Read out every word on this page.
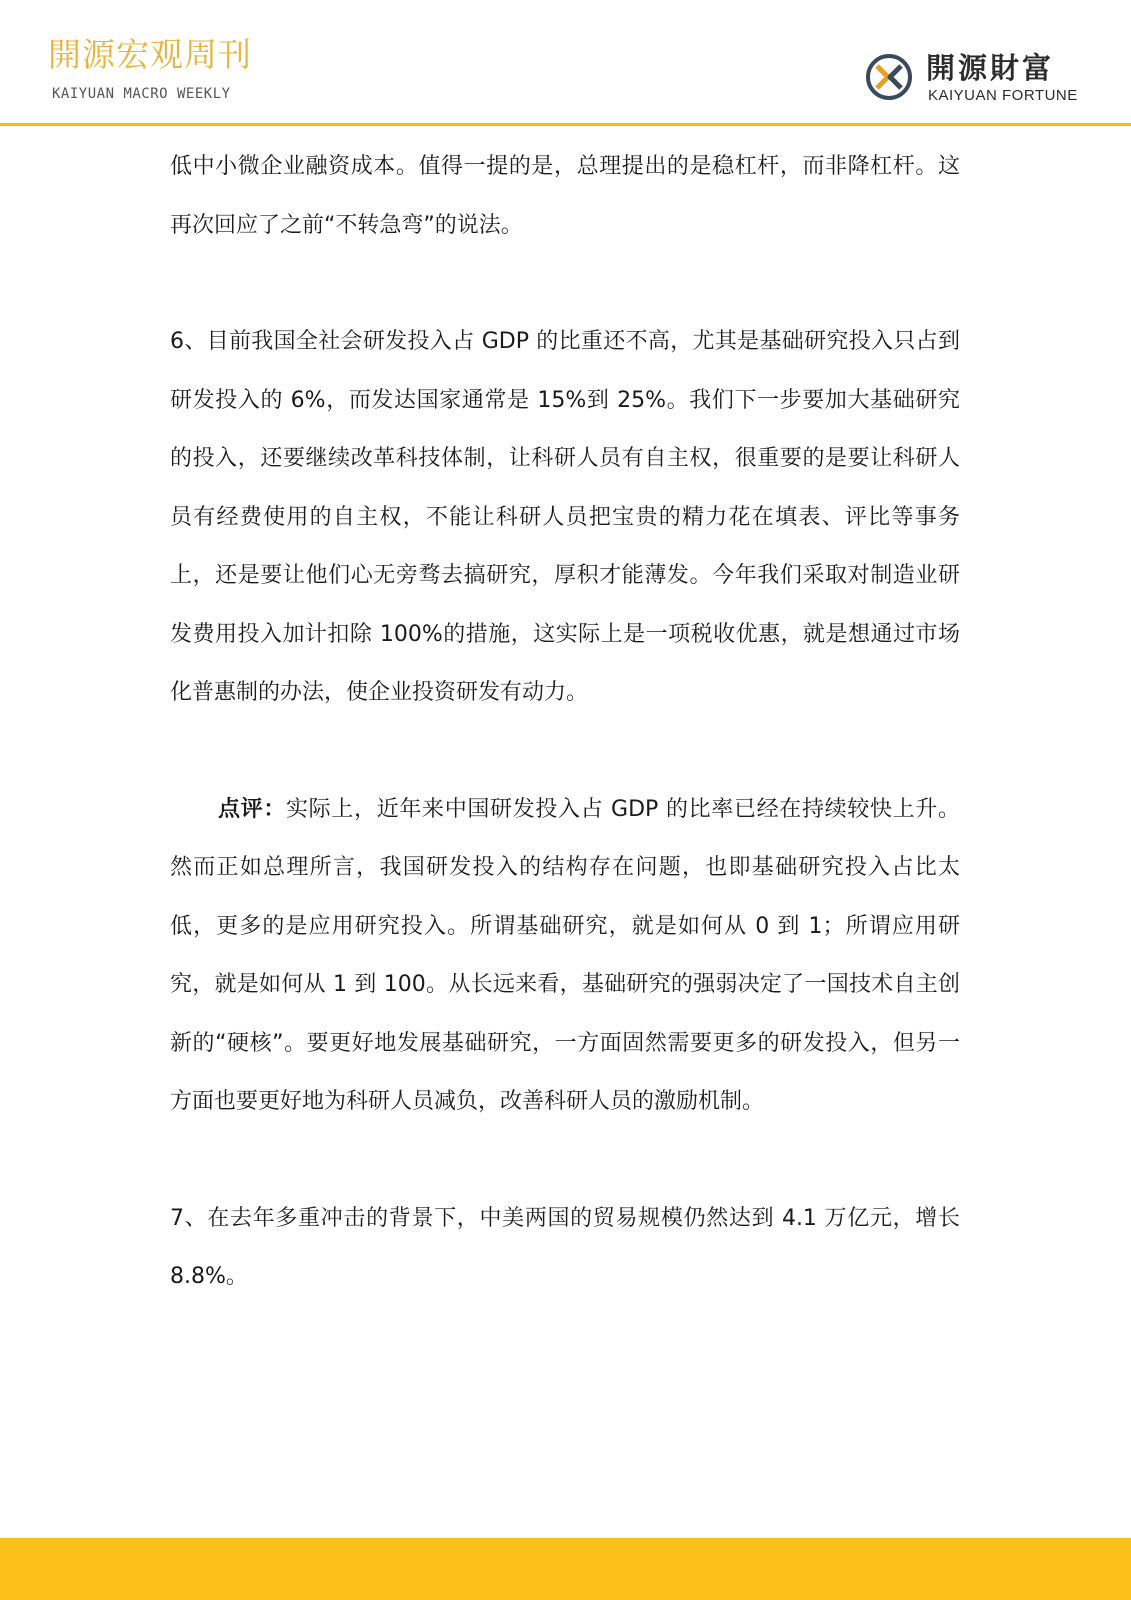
開源宏观周刊
KAIYUAN MACRO WEEKLY
開源財富
KAIYUAN FORTUNE

低中小微企业融资成本。值得一提的是，总理提出的是稳杠杆，而非降杠杆。这再次回应了之前“不转急弯”的说法。

6、目前我国全社会研发投入占 GDP 的比重还不高，尤其是基础研究投入只占到研发投入的 6%，而发达国家通常是 15%到 25%。我们下一步要加大基础研究的投入，还要继续改革科技体制，让科研人员有自主权，很重要的是要让科研人员有经费使用的自主权，不能让科研人员把宝贵的精力花在填表、评比等事务上，还是要让他们心无旁骛去搞研究，厚积才能薄发。今年我们采取对制造业研发费用投入加计扣除 100%的措施，这实际上是一项税收优惠，就是想通过市场化普惠制的办法，使企业投资研发有动力。

点评：实际上，近年来中国研发投入占 GDP 的比率已经在持续较快上升。然而正如总理所言，我国研发投入的结构存在问题，也即基础研究投入占比太低，更多的是应用研究投入。所谓基础研究，就是如何从 0 到 1；所谓应用研究，就是如何从 1 到 100。从长远来看，基础研究的强弱决定了一国技术自主创新的“硬核”。要更好地发展基础研究，一方面固然需要更多的研发投入，但另一方面也要更好地为科研人员减负，改善科研人员的激励机制。

7、在去年多重冲击的背景下，中美两国的贸易规模仍然达到 4.1 万亿元，增长 8.8%。
